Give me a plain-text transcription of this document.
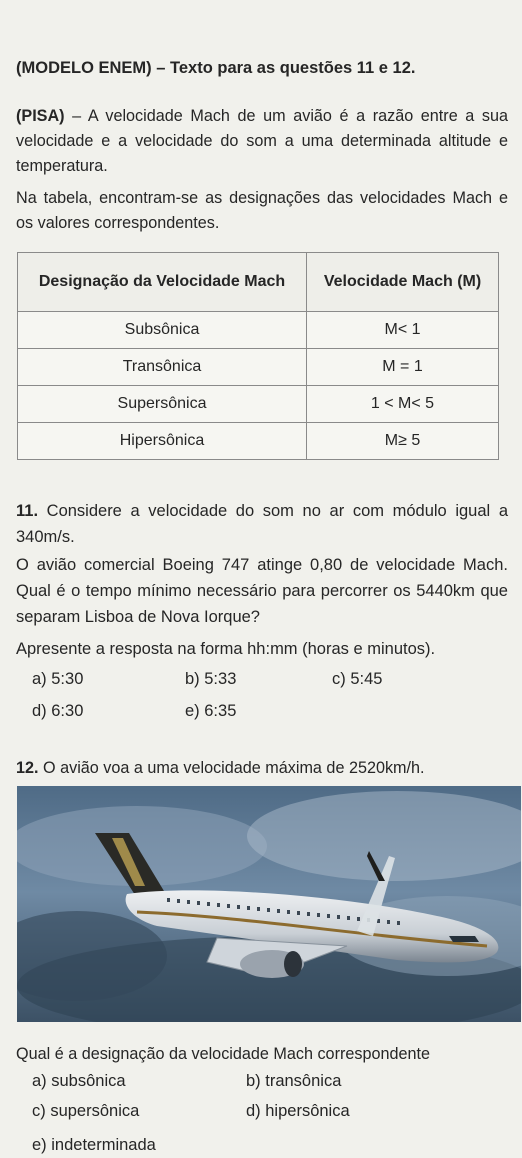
(MODELO ENEM) – Texto para as questões 11 e 12.
(PISA) – A velocidade Mach de um avião é a razão entre a sua velocidade e a velocidade do som a uma determinada altitude e temperatura.
Na tabela, encontram-se as designações das velocidades Mach e os valores correspondentes.
Designação da Velocidade Mach	Velocidade Mach (M)
Subsônica	M< 1
Transônica	M = 1
Supersônica	1 < M< 5
Hipersônica	M≥ 5
11. Considere a velocidade do som no ar com módulo igual a 340m/s.
O avião comercial Boeing 747 atinge 0,80 de velocidade Mach. Qual é o tempo mínimo necessário para percorrer os 5440km que separam Lisboa de Nova Iorque?
Apresente a resposta na forma hh:mm (horas e minutos).
a) 5:30	b) 5:33	c) 5:45
d) 6:30	e) 6:35
12. O avião voa a uma velocidade máxima de 2520km/h.
Qual é a designação da velocidade Mach correspondente
a) subsônica	b) transônica
c) supersônica	d) hipersônica
e) indeterminada
